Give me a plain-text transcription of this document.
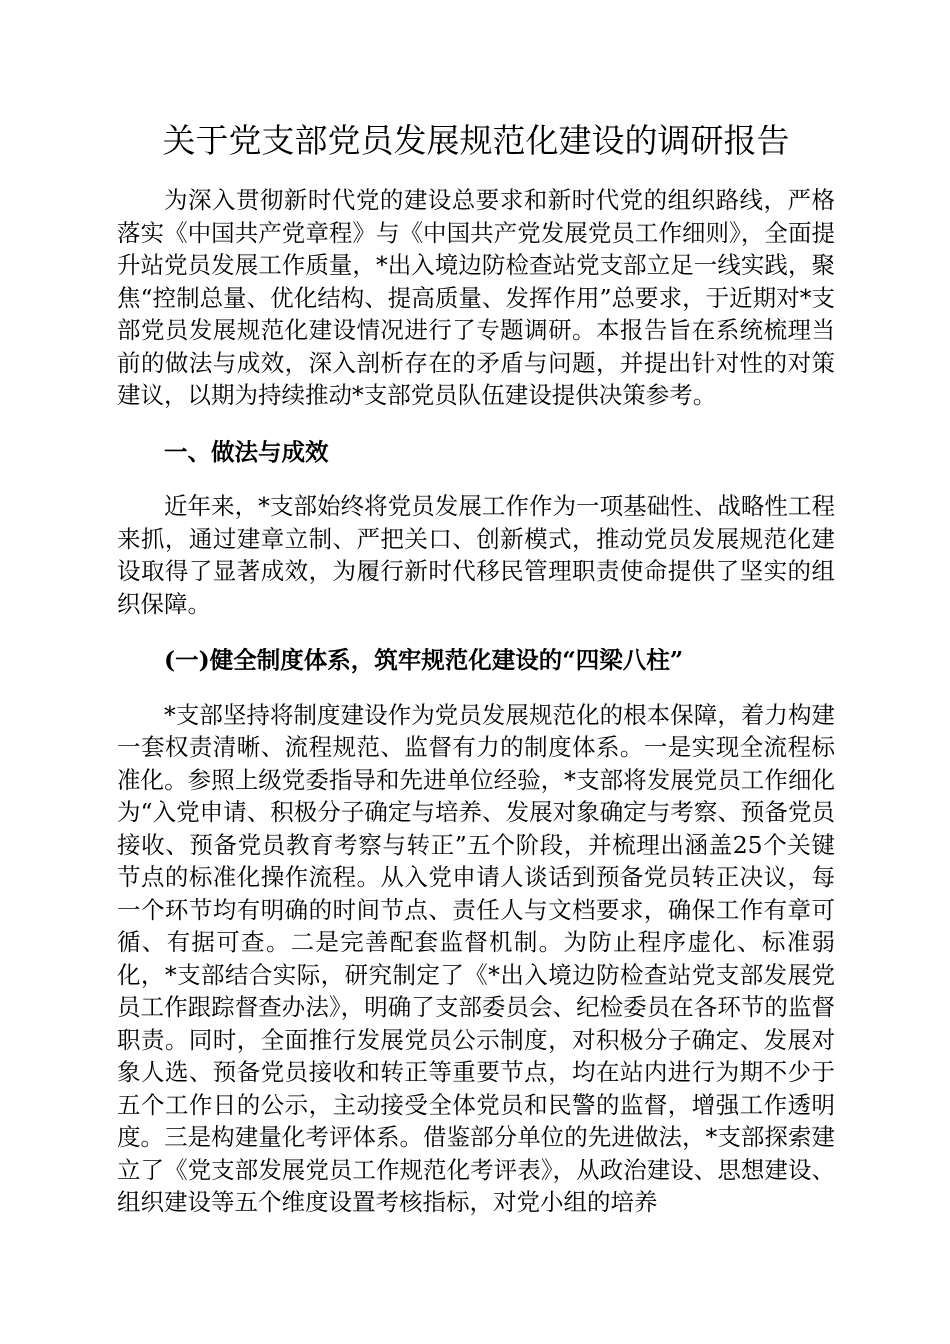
关于党支部党员发展规范化建设的调研报告

为深入贯彻新时代党的建设总要求和新时代党的组织路线，严格落实《中国共产党章程》与《中国共产党发展党员工作细则》，全面提升站党员发展工作质量，*出入境边防检查站党支部立足一线实践，聚焦“控制总量、优化结构、提高质量、发挥作用”总要求，于近期对*支部党员发展规范化建设情况进行了专题调研。本报告旨在系统梳理当前的做法与成效，深入剖析存在的矛盾与问题，并提出针对性的对策建议，以期为持续推动*支部党员队伍建设提供决策参考。

一、做法与成效

近年来，*支部始终将党员发展工作作为一项基础性、战略性工程来抓，通过建章立制、严把关口、创新模式，推动党员发展规范化建设取得了显著成效，为履行新时代移民管理职责使命提供了坚实的组织保障。

(一)健全制度体系，筑牢规范化建设的“四梁八柱”

*支部坚持将制度建设作为党员发展规范化的根本保障，着力构建一套权责清晰、流程规范、监督有力的制度体系。一是实现全流程标准化。参照上级党委指导和先进单位经验，*支部将发展党员工作细化为“入党申请、积极分子确定与培养、发展对象确定与考察、预备党员接收、预备党员教育考察与转正”五个阶段，并梳理出涵盖25个关键节点的标准化操作流程。从入党申请人谈话到预备党员转正决议，每一个环节均有明确的时间节点、责任人与文档要求，确保工作有章可循、有据可查。二是完善配套监督机制。为防止程序虚化、标准弱化，*支部结合实际，研究制定了《*出入境边防检查站党支部发展党员工作跟踪督查办法》，明确了支部委员会、纪检委员在各环节的监督职责。同时，全面推行发展党员公示制度，对积极分子确定、发展对象人选、预备党员接收和转正等重要节点，均在站内进行为期不少于五个工作日的公示，主动接受全体党员和民警的监督，增强工作透明度。三是构建量化考评体系。借鉴部分单位的先进做法，*支部探索建立了《党支部发展党员工作规范化考评表》，从政治建设、思想建设、组织建设等五个维度设置考核指标，对党小组的培养
